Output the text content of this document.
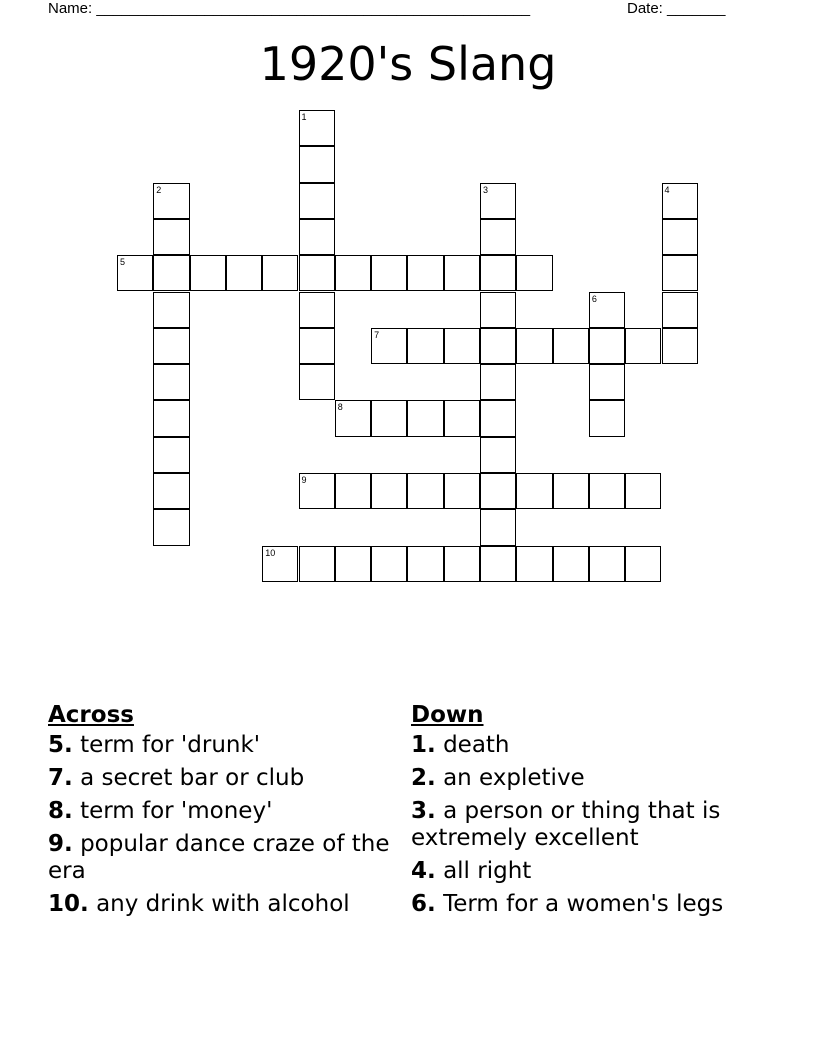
Name: ____________________________________________________	Date: _______
1920's Slang
1
2	3	4
5
6
7
8
9
10
Across
5. term for 'drunk'
7. a secret bar or club
8. term for 'money'
9. popular dance craze of the era
10. any drink with alcohol
Down
1. death
2. an expletive
3. a person or thing that is extremely excellent
4. all right
6. Term for a women's legs
